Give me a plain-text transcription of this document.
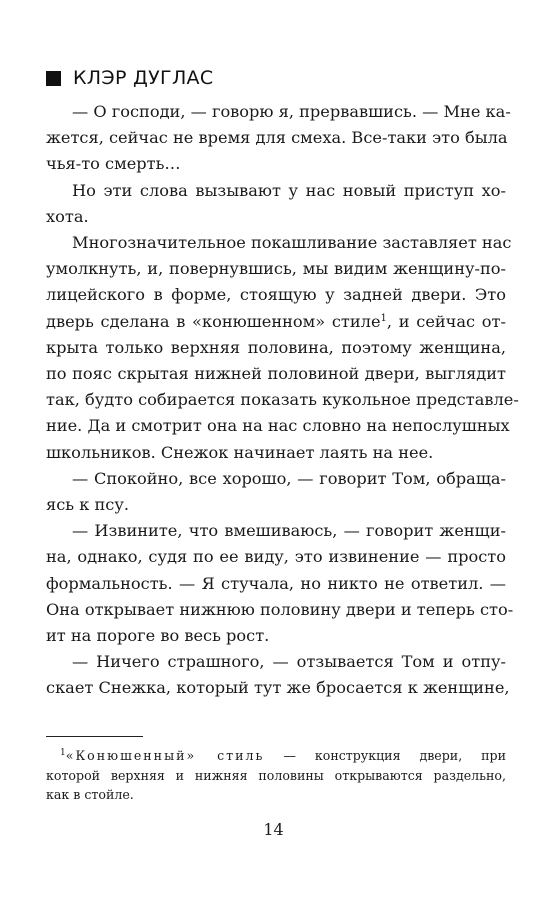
КЛЭР ДУГЛАС
— О господи, — говорю я, прервавшись. — Мне ка-
жется, сейчас не время для смеха. Все-таки это была
чья-то смерть…
Но эти слова вызывают у нас новый приступ хо-
хота.
Многозначительное покашливание заставляет нас
умолкнуть, и, повернувшись, мы видим женщину-по-
лицейского в форме, стоящую у задней двери. Это
дверь сделана в «конюшенном» стиле$^1$, и сейчас от-
крыта только верхняя половина, поэтому женщина,
по пояс скрытая нижней половиной двери, выглядит
так, будто собирается показать кукольное представле-
ние. Да и смотрит она на нас словно на непослушных
школьников. Снежок начинает лаять на нее.
— Спокойно, все хорошо, — говорит Том, обраща-
ясь к псу.
— Извините, что вмешиваюсь, — говорит женщи-
на, однако, судя по ее виду, это извинение — просто
формальность. — Я стучала, но никто не ответил. —
Она открывает нижнюю половину двери и теперь сто-
ит на пороге во весь рост.
— Ничего страшного, — отзывается Том и отпу-
скает Снежка, который тут же бросается к женщине,
$^1$«Конюшенный» стиль — конструкция двери, при
которой верхняя и нижняя половины открываются раздельно,
как в стойле.
14
